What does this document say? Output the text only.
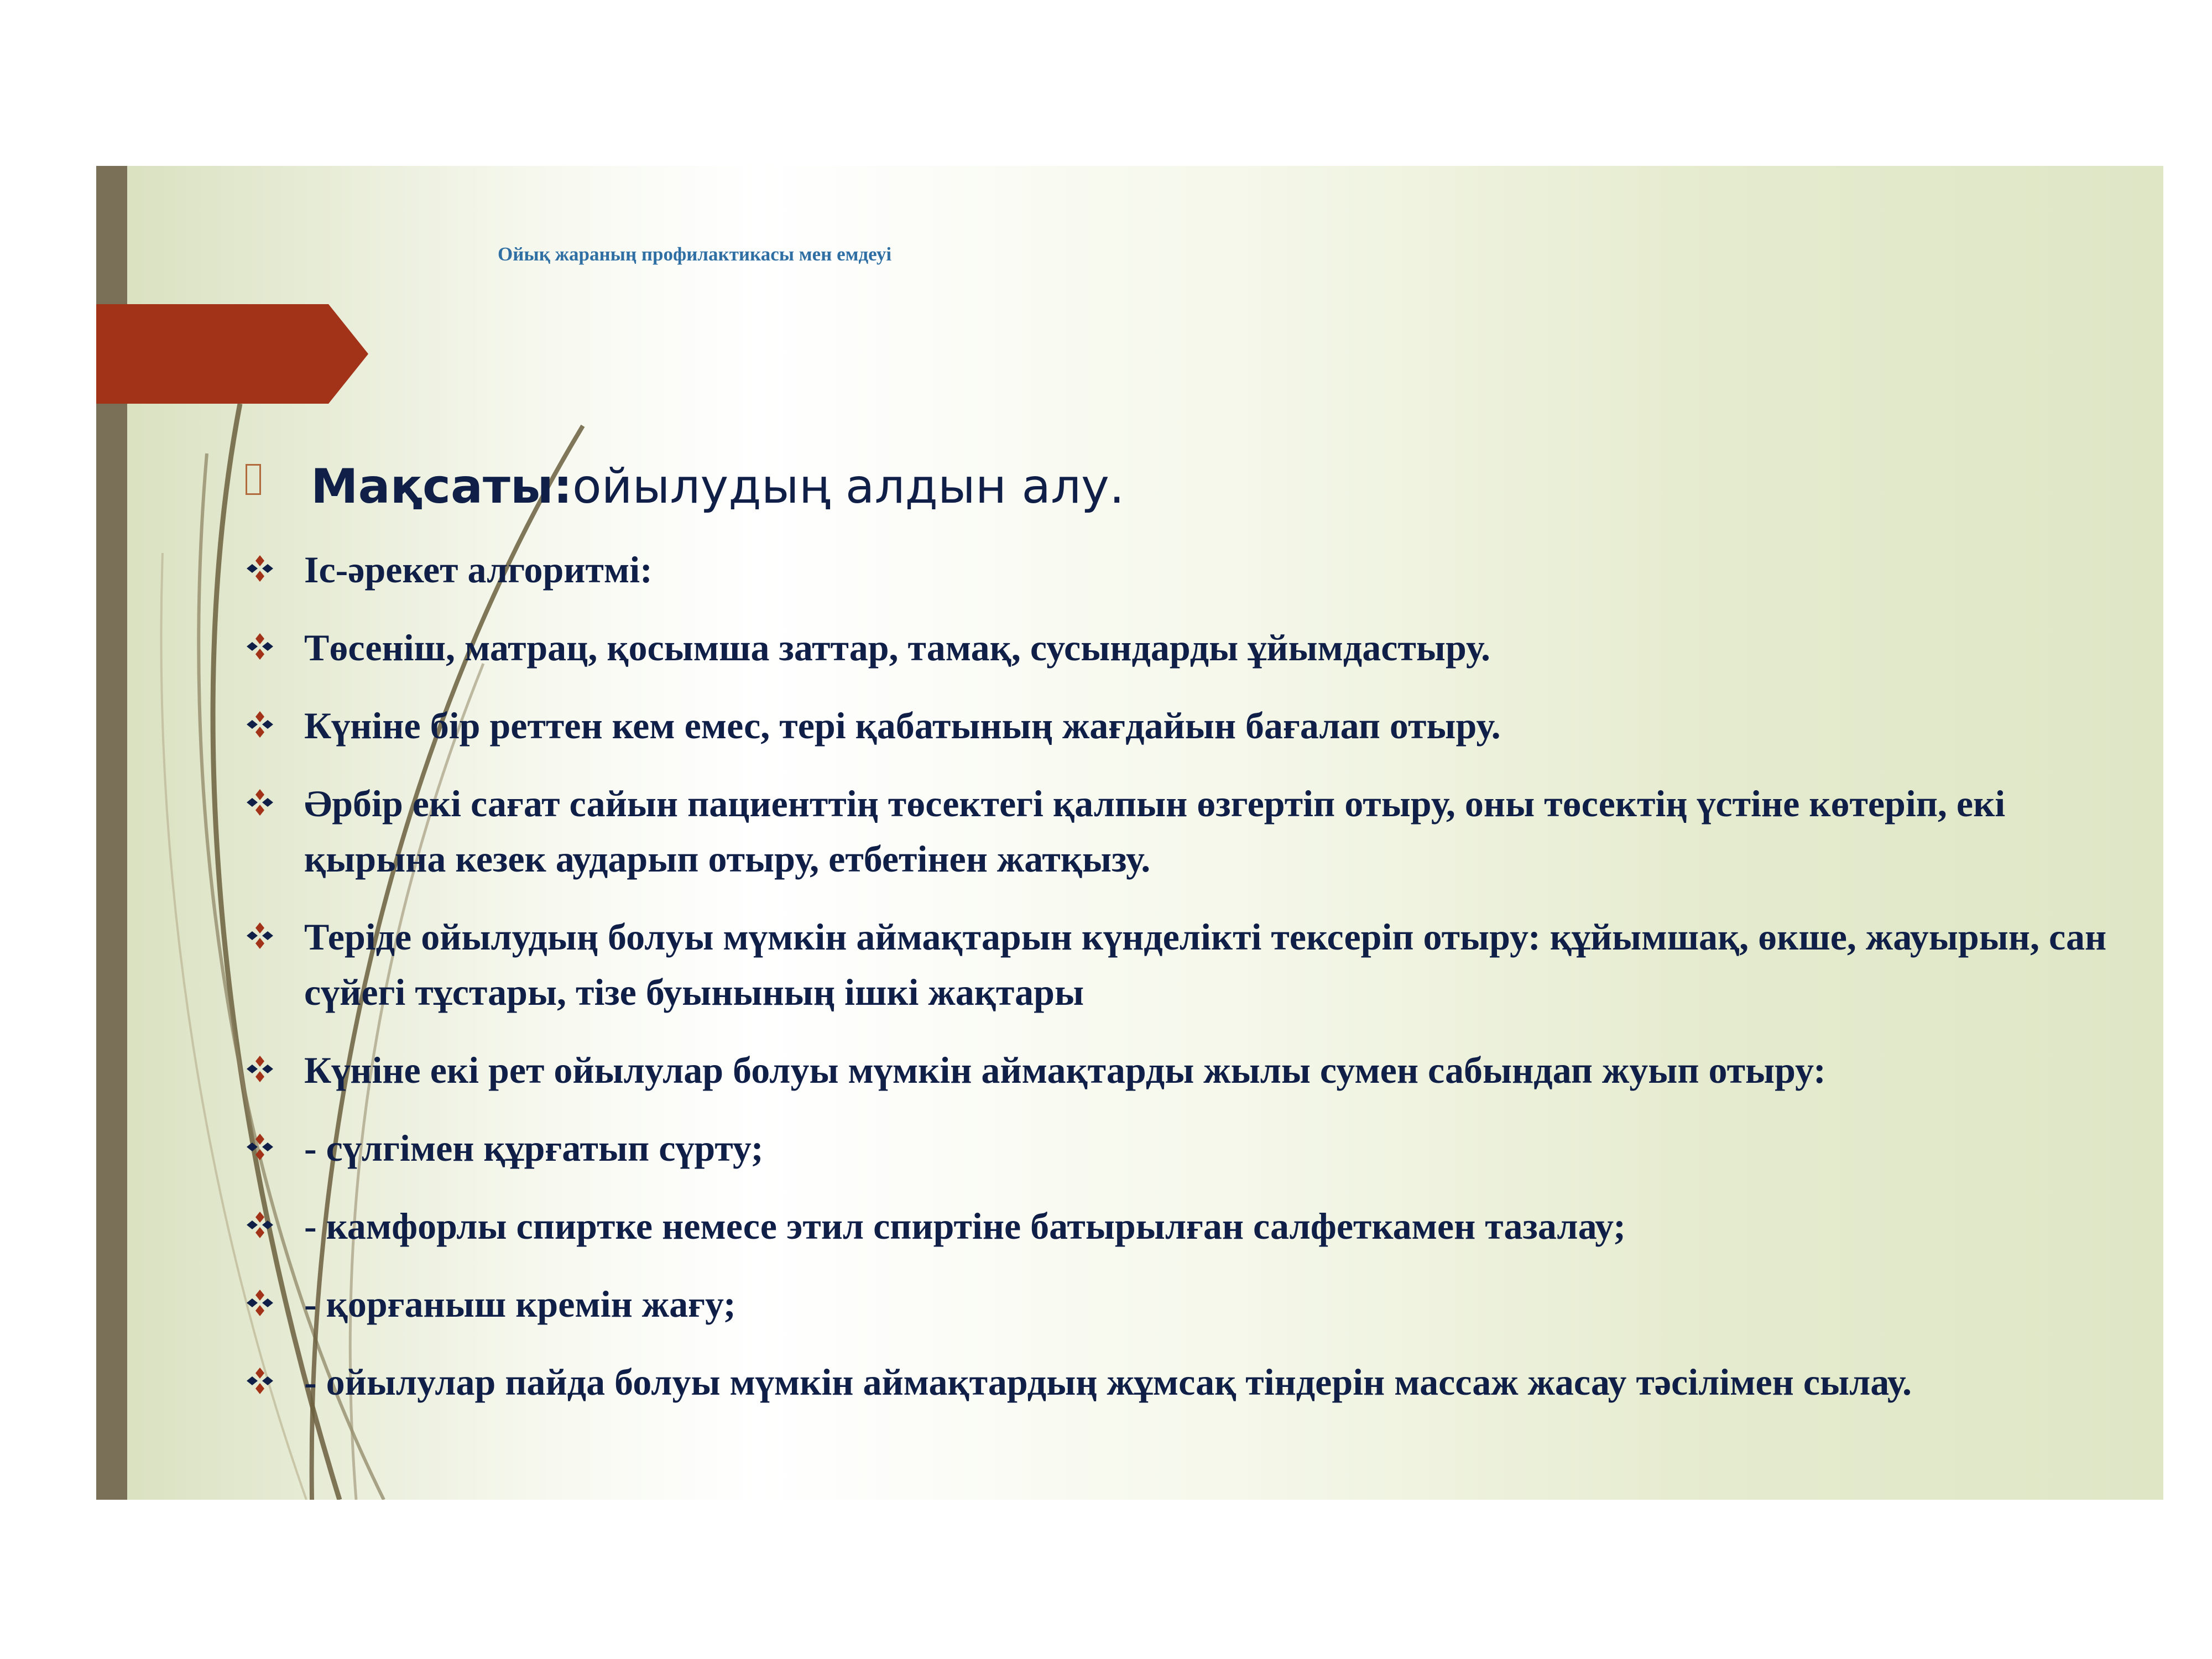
Ойық жараның профилактикасы мен емдеуі
Мақсаты:ойылудың алдын алу.
Іс-әрекет алгоритмі:
Төсеніш, матрац, қосымша заттар, тамақ, сусындарды ұйымдастыру.
Күніне бір реттен кем емес, тері қабатының жағдайын бағалап отыру.
Әрбір екі сағат сайын пациенттің төсектегі қалпын өзгертіп отыру, оны төсектің үстіне көтеріп, екі қырына кезек аударып отыру, етбетінен жатқызу.
Теріде ойылудың болуы мүмкін аймақтарын күнделікті тексеріп отыру: құйымшақ, өкше, жауырын, сан сүйегі тұстары, тізе буынының ішкі жақтары
Күніне екі рет ойылулар болуы мүмкін аймақтарды жылы сумен сабындап жуып отыру:
- сүлгімен құрғатып сүрту;
- камфорлы спиртке немесе этил спиртіне батырылған салфеткамен тазалау;
- қорғаныш кремін жағу;
- ойылулар пайда болуы мүмкін аймақтардың жұмсақ тіндерін массаж жасау тәсілімен сылау.
